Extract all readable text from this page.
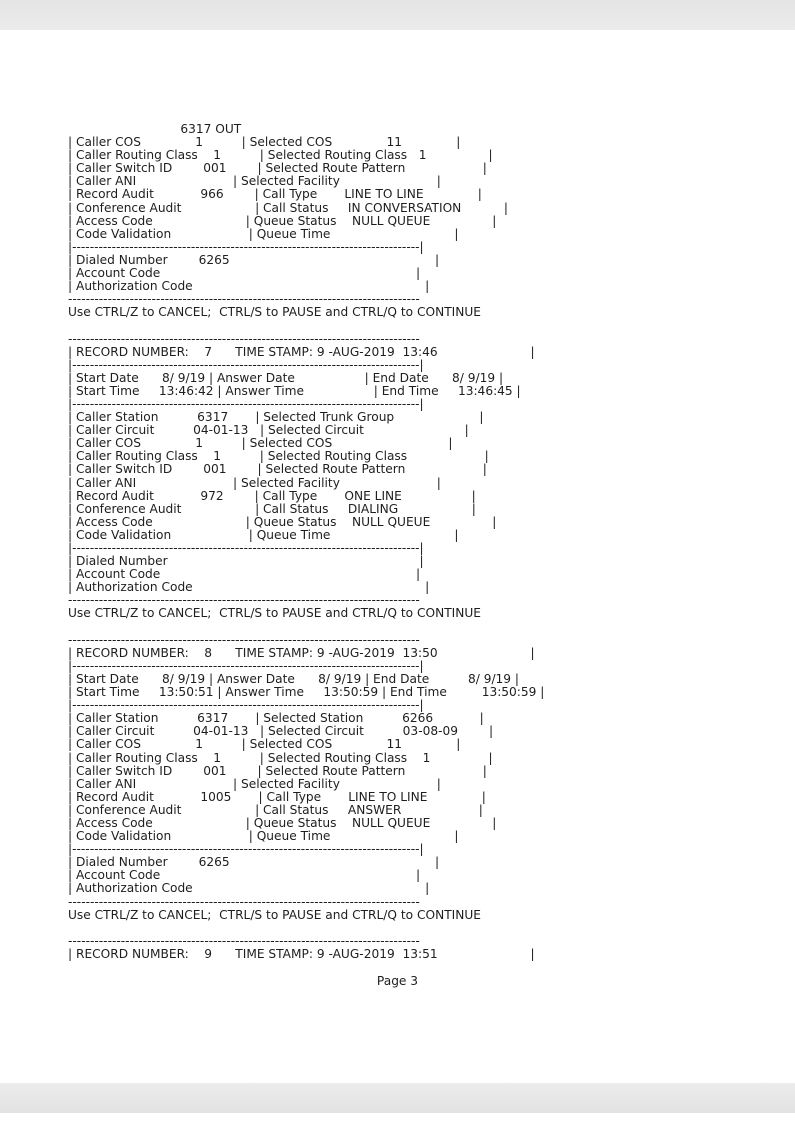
6317 OUT
| Caller COS              1          | Selected COS              11              |
| Caller Routing Class    1          | Selected Routing Class   1                |
| Caller Switch ID        001        | Selected Route Pattern                    |
| Caller ANI                         | Selected Facility                         |
| Record Audit            966        | Call Type       LINE TO LINE              |
| Conference Audit                   | Call Status     IN CONVERSATION           |
| Access Code                        | Queue Status    NULL QUEUE                |
| Code Validation                    | Queue Time                                |
|-------------------------------------------------------------------------------|
| Dialed Number        6265                                                     |
| Account Code                                                                  |
| Authorization Code                                                            |
--------------------------------------------------------------------------------
Use CTRL/Z to CANCEL;  CTRL/S to PAUSE and CTRL/Q to CONTINUE
--------------------------------------------------------------------------------
| RECORD NUMBER:    7      TIME STAMP: 9 -AUG-2019  13:46                        |
|-------------------------------------------------------------------------------|
| Start Date      8/ 9/19 | Answer Date                  | End Date      8/ 9/19 |
| Start Time     13:46:42 | Answer Time                  | End Time     13:46:45 |
|-------------------------------------------------------------------------------|
| Caller Station          6317       | Selected Trunk Group                      |
| Caller Circuit          04-01-13   | Selected Circuit                          |
| Caller COS              1          | Selected COS                              |
| Caller Routing Class    1          | Selected Routing Class                    |
| Caller Switch ID        001        | Selected Route Pattern                    |
| Caller ANI                         | Selected Facility                         |
| Record Audit            972        | Call Type       ONE LINE                  |
| Conference Audit                   | Call Status     DIALING                   |
| Access Code                        | Queue Status    NULL QUEUE                |
| Code Validation                    | Queue Time                                |
|-------------------------------------------------------------------------------|
| Dialed Number                                                                 |
| Account Code                                                                  |
| Authorization Code                                                            |
--------------------------------------------------------------------------------
Use CTRL/Z to CANCEL;  CTRL/S to PAUSE and CTRL/Q to CONTINUE
--------------------------------------------------------------------------------
| RECORD NUMBER:    8      TIME STAMP: 9 -AUG-2019  13:50                        |
|-------------------------------------------------------------------------------|
| Start Date      8/ 9/19 | Answer Date      8/ 9/19 | End Date          8/ 9/19 |
| Start Time     13:50:51 | Answer Time     13:50:59 | End Time         13:50:59 |
|-------------------------------------------------------------------------------|
| Caller Station          6317       | Selected Station          6266            |
| Caller Circuit          04-01-13   | Selected Circuit          03-08-09        |
| Caller COS              1          | Selected COS              11              |
| Caller Routing Class    1          | Selected Routing Class    1               |
| Caller Switch ID        001        | Selected Route Pattern                    |
| Caller ANI                         | Selected Facility                         |
| Record Audit            1005       | Call Type       LINE TO LINE              |
| Conference Audit                   | Call Status     ANSWER                    |
| Access Code                        | Queue Status    NULL QUEUE                |
| Code Validation                    | Queue Time                                |
|-------------------------------------------------------------------------------|
| Dialed Number        6265                                                     |
| Account Code                                                                  |
| Authorization Code                                                            |
--------------------------------------------------------------------------------
Use CTRL/Z to CANCEL;  CTRL/S to PAUSE and CTRL/Q to CONTINUE
--------------------------------------------------------------------------------
| RECORD NUMBER:    9      TIME STAMP: 9 -AUG-2019  13:51                        |
Page 3
